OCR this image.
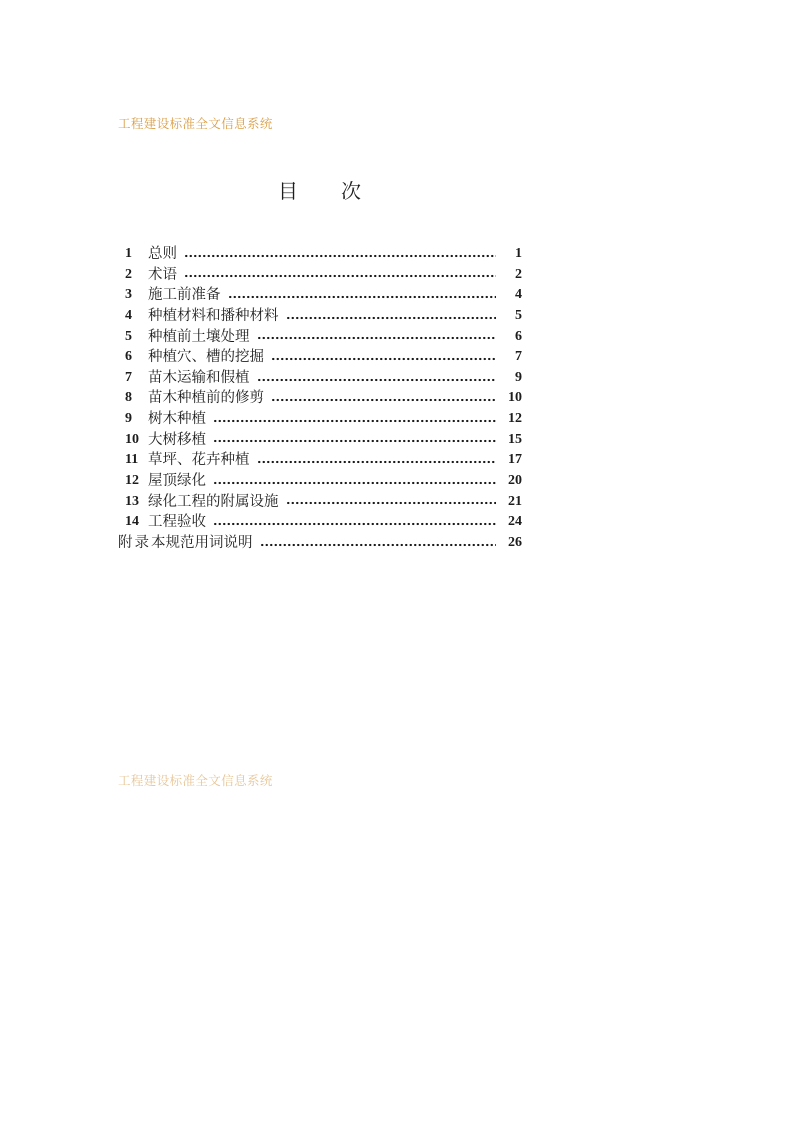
工程建设标准全文信息系统
目　　次
1	总则	1
2	术语	2
3	施工前准备	4
4	种植材料和播种材料	5
5	种植前土壤处理	6
6	种植穴、槽的挖掘	7
7	苗木运输和假植	9
8	苗木种植前的修剪	10
9	树木种植	12
10 大树移植	15
11 草坪、花卉种植	17
12 屋顶绿化	20
13 绿化工程的附属设施	21
14 工程验收	24
附录 本规范用词说明	26
工程建设标准全文信息系统
